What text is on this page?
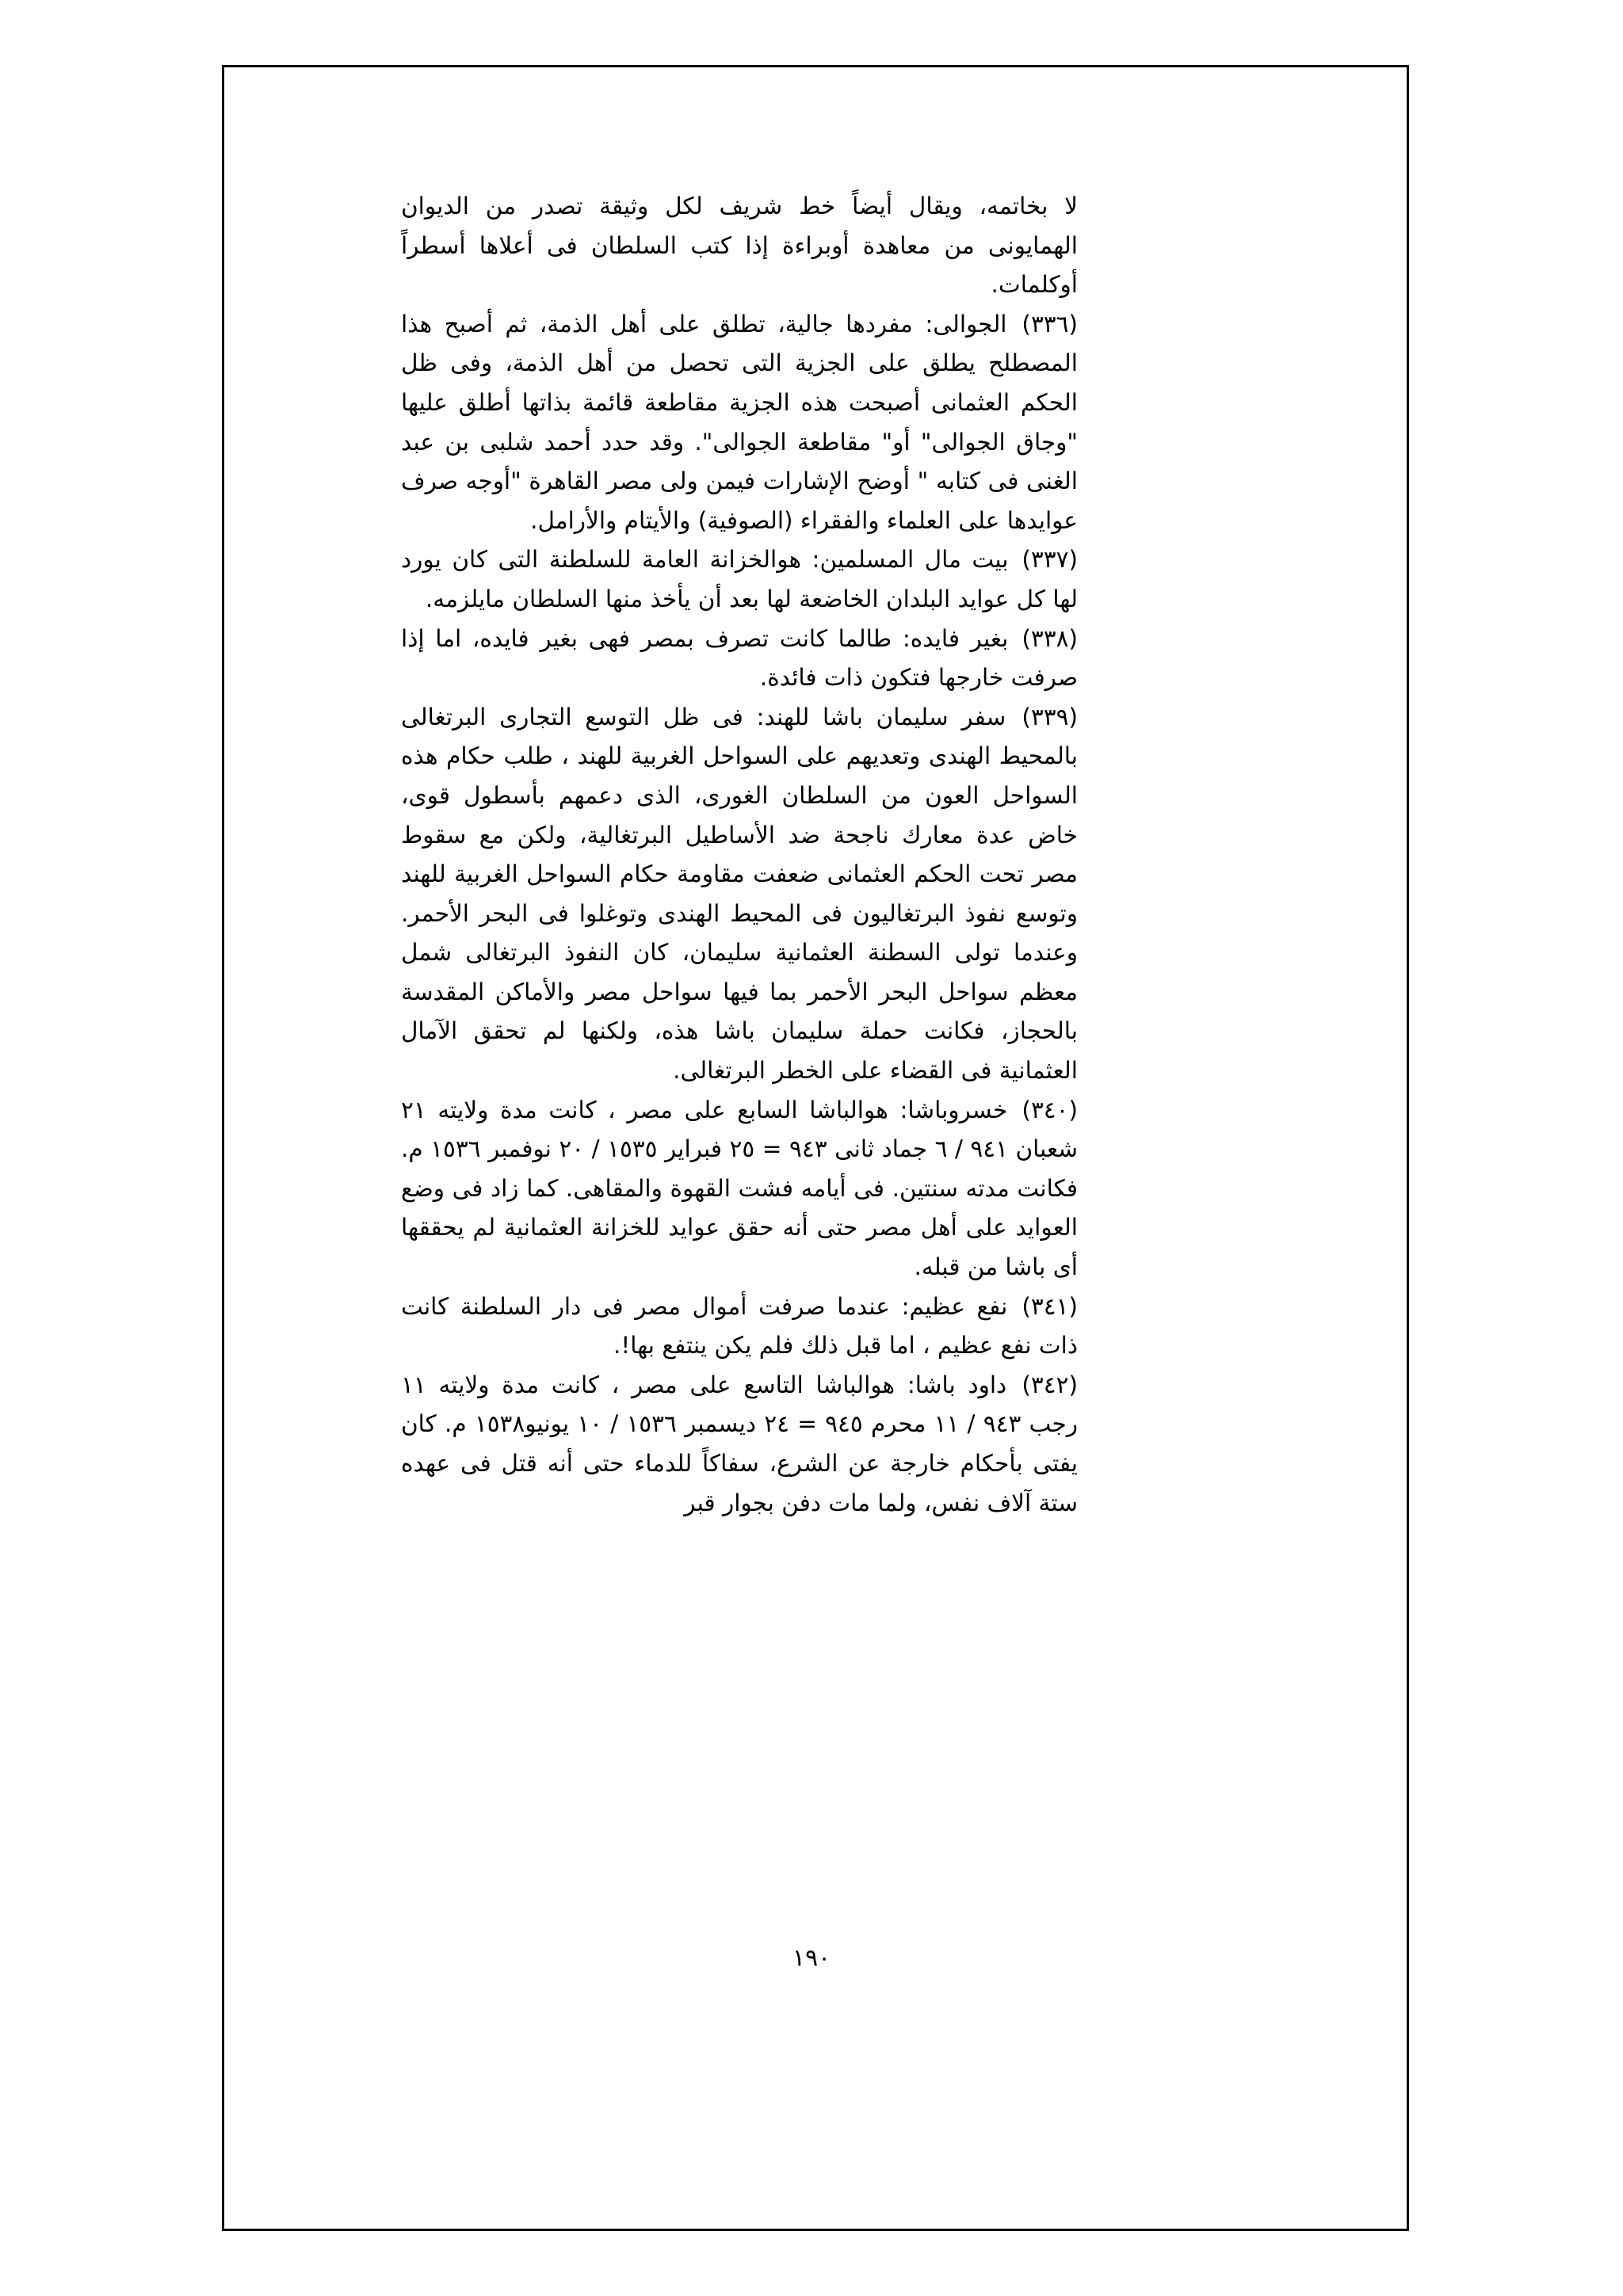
لا بخاتمه، ويقال أيضاً خط شريف لكل وثيقة تصدر من الديوان الهمايونى من معاهدة أوبراءة إذا كتب السلطان فى أعلاها أسطراً أوكلمات.

(٣٣٦) الجوالى: مفردها جالية، تطلق على أهل الذمة، ثم أصبح هذا المصطلح يطلق على الجزية التى تحصل من أهل الذمة، وفى ظل الحكم العثمانى أصبحت هذه الجزية مقاطعة قائمة بذاتها أطلق عليها "وجاق الجوالى" أو" مقاطعة الجوالى". وقد حدد أحمد شلبى بن عبد الغنى فى كتابه " أوضح الإشارات فيمن ولى مصر القاهرة "أوجه صرف عوايدها على العلماء والفقراء (الصوفية) والأيتام والأرامل.

(٣٣٧) بيت مال المسلمين: هوالخزانة العامة للسلطنة التى كان يورد لها كل عوايد البلدان الخاضعة لها بعد أن يأخذ منها السلطان مايلزمه.

(٣٣٨) بغير فايده: طالما كانت تصرف بمصر فهى بغير فايده، اما إذا صرفت خارجها فتكون ذات فائدة.

(٣٣٩) سفر سليمان باشا للهند: فى ظل التوسع التجارى البرتغالى بالمحيط الهندى وتعديهم على السواحل الغربية للهند ، طلب حكام هذه السواحل العون من السلطان الغورى، الذى دعمهم بأسطول قوى، خاض عدة معارك ناجحة ضد الأساطيل البرتغالية، ولكن مع سقوط مصر تحت الحكم العثمانى ضعفت مقاومة حكام السواحل الغربية للهند وتوسع نفوذ البرتغاليون فى المحيط الهندى وتوغلوا فى البحر الأحمر. وعندما تولى السطنة العثمانية سليمان، كان النفوذ البرتغالى شمل معظم سواحل البحر الأحمر بما فيها سواحل مصر والأماكن المقدسة بالحجاز، فكانت حملة سليمان باشا هذه، ولكنها لم تحقق الآمال العثمانية فى القضاء على الخطر البرتغالى.

(٣٤٠) خسروباشا: هوالباشا السابع على مصر ، كانت مدة ولايته ٢١ شعبان ٩٤١ / ٦ جماد ثانى ٩٤٣ = ٢٥ فبراير ١٥٣٥ / ٢٠ نوفمبر ١٥٣٦ م. فكانت مدته سنتين. فى أيامه فشت القهوة والمقاهى. كما زاد فى وضع العوايد على أهل مصر حتى أنه حقق عوايد للخزانة العثمانية لم يحققها أى باشا من قبله.

(٣٤١) نفع عظيم: عندما صرفت أموال مصر فى دار السلطنة كانت ذات نفع عظيم ، اما قبل ذلك فلم يكن ينتفع بها!.

(٣٤٢) داود باشا: هوالباشا التاسع على مصر ، كانت مدة ولايته ١١ رجب ٩٤٣ / ١١ محرم ٩٤٥ = ٢٤ ديسمبر ١٥٣٦ / ١٠ يونيو١٥٣٨ م. كان يفتى بأحكام خارجة عن الشرع، سفاكاً للدماء حتى أنه قتل فى عهده ستة آلاف نفس، ولما مات دفن بجوار قبر

١٩٠
